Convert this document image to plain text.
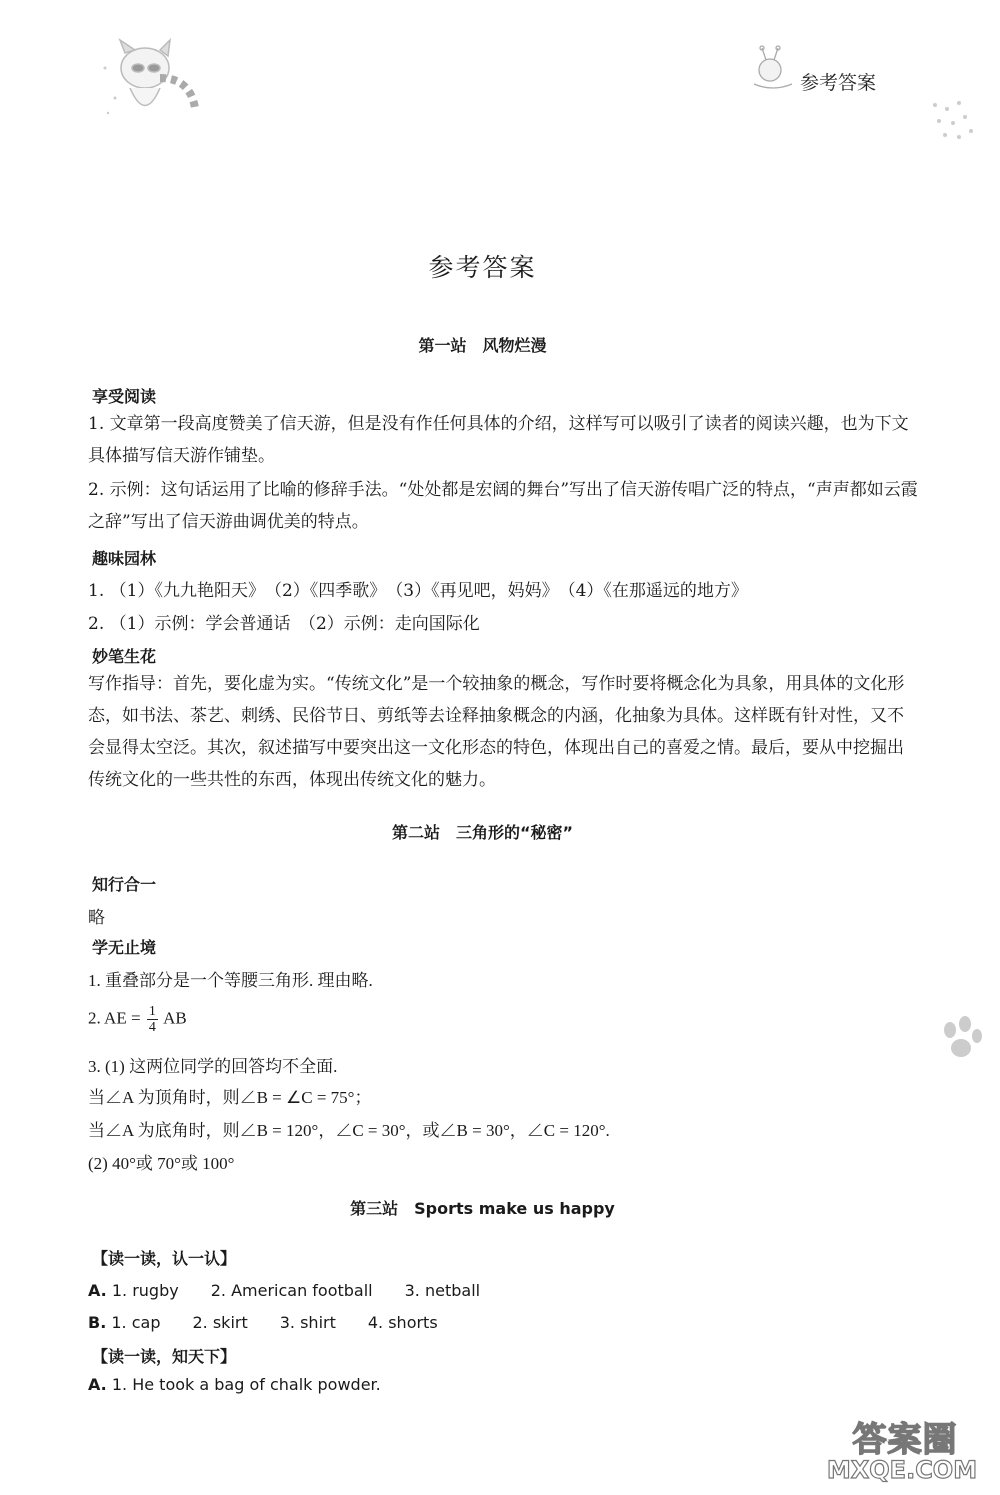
参考答案
参考答案
第一站　风物烂漫
享受阅读
1. 文章第一段高度赞美了信天游，但是没有作任何具体的介绍，这样写可以吸引了读者的阅读兴趣，也为下文具体描写信天游作铺垫。
2. 示例：这句话运用了比喻的修辞手法。“处处都是宏阔的舞台”写出了信天游传唱广泛的特点，“声声都如云霞之辞”写出了信天游曲调优美的特点。
趣味园林
1. （1）《九九艳阳天》　（2）《四季歌》　（3）《再见吧，妈妈》　（4）《在那遥远的地方》
2. （1）示例：学会普通话　（2）示例：走向国际化
妙笔生花
写作指导：首先，要化虚为实。“传统文化”是一个较抽象的概念，写作时要将概念化为具象，用具体的文化形态，如书法、茶艺、刺绣、民俗节日、剪纸等去诠释抽象概念的内涵，化抽象为具体。这样既有针对性，又不会显得太空泛。其次，叙述描写中要突出这一文化形态的特色，体现出自己的喜爱之情。最后，要从中挖掘出传统文化的一些共性的东西，体现出传统文化的魅力。
第二站　三角形的“秘密”
知行合一
略
学无止境
1. 重叠部分是一个等腰三角形. 理由略.
2. AE = $\frac{1}{4}$ AB
3. (1) 这两位同学的回答均不全面.
当∠A 为顶角时，则∠B = ∠C = 75°；
当∠A 为底角时，则∠B = 120°，∠C = 30°，或∠B = 30°，∠C = 120°.
(2) 40°或 70°或 100°
第三站　Sports make us happy
【读一读，认一认】
A. 1. rugby　　2. American football　　3. netball
B. 1. cap　　2. skirt　　3. shirt　　4. shorts
【读一读，知天下】
A. 1. He took a bag of chalk powder.
答案圈
MXQE.COM
